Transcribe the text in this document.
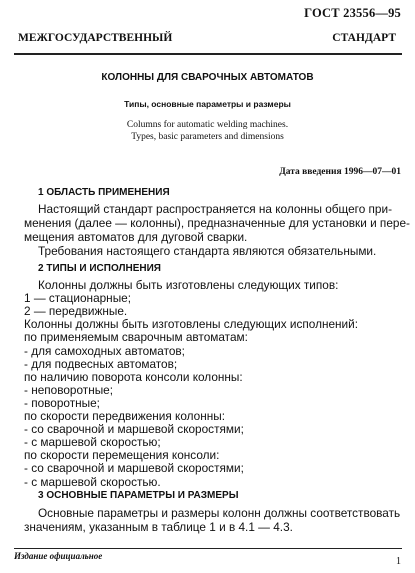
ГОСТ 23556—95
МЕЖГОСУДАРСТВЕННЫЙ СТАНДАРТ
КОЛОННЫ ДЛЯ СВАРОЧНЫХ АВТОМАТОВ
Типы, основные параметры и размеры
Columns for automatic welding machines.
Types, basic parameters and dimensions
Дата введения 1996—07—01
1 ОБЛАСТЬ ПРИМЕНЕНИЯ
Настоящий стандарт распространяется на колонны общего при-
менения (далее — колонны), предназначенные для установки и пере-
мещения автоматов для дуговой сварки.
Требования настоящего стандарта являются обязательными.
2 ТИПЫ И ИСПОЛНЕНИЯ
Колонны должны быть изготовлены следующих типов:
1 — стационарные;
2 — передвижные.
Колонны должны быть изготовлены следующих исполнений:
по применяемым сварочным автоматам:
- для самоходных автоматов;
- для подвесных автоматов;
по наличию поворота консоли колонны:
- неповоротные;
- поворотные;
по скорости передвижения колонны:
- со сварочной и маршевой скоростями;
- с маршевой скоростью;
по скорости перемещения консоли:
- со сварочной и маршевой скоростями;
3 ОСНОВНЫЕ ПАРАМЕТРЫ И РАЗМЕРЫ
Основные параметры и размеры колонн должны соответствовать
значениям, указанным в таблице 1 и в 4.1 — 4.3.
Издание официальное	1
- с маршевой скоростью.
